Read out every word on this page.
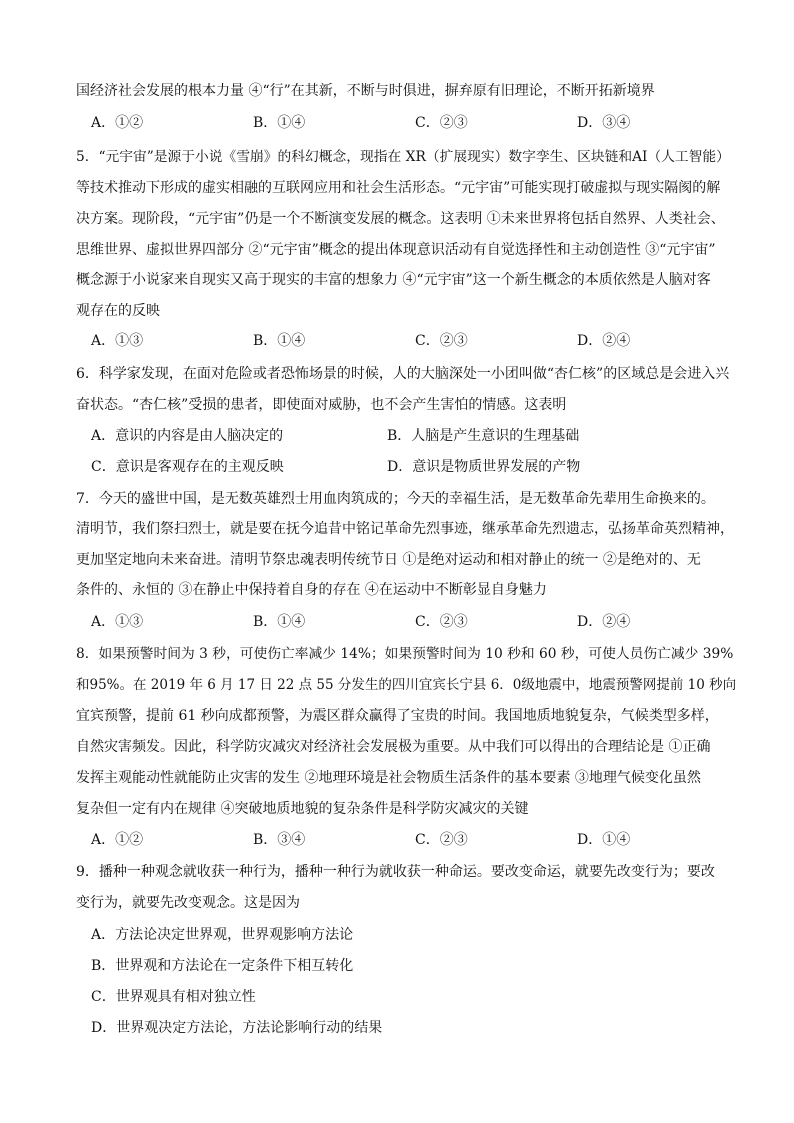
国经济社会发展的根本力量 ④“行”在其新，不断与时俱进，摒弃原有旧理论，不断开拓新境界
A．①②	B．①④	C．②③	D．③④
5．“元宇宙”是源于小说《雪崩》的科幻概念，现指在 XR（扩展现实）数字孪生、区块链和AI（人工智能）
等技术推动下形成的虚实相融的互联网应用和社会生活形态。“元宇宙”可能实现打破虚拟与现实隔阂的解
决方案。现阶段，“元宇宙”仍是一个不断演变发展的概念。这表明 ①未来世界将包括自然界、人类社会、
思维世界、虚拟世界四部分 ②“元宇宙”概念的提出体现意识活动有自觉选择性和主动创造性 ③“元宇宙”
概念源于小说家来自现实又高于现实的丰富的想象力 ④“元宇宙”这一个新生概念的本质依然是人脑对客
观存在的反映
A．①③	B．①④	C．②③	D．②④
6．科学家发现，在面对危险或者恐怖场景的时候，人的大脑深处一小团叫做“杏仁核”的区域总是会进入兴
奋状态。“杏仁核”受损的患者，即使面对威胁，也不会产生害怕的情感。这表明
A．意识的内容是由人脑决定的	B．人脑是产生意识的生理基础
C．意识是客观存在的主观反映	D．意识是物质世界发展的产物
7．今天的盛世中国，是无数英雄烈士用血肉筑成的；今天的幸福生活，是无数革命先辈用生命换来的。
清明节，我们祭扫烈士，就是要在抚今追昔中铭记革命先烈事迹，继承革命先烈遗志，弘扬革命英烈精神，
更加坚定地向未来奋进。清明节祭忠魂表明传统节日 ①是绝对运动和相对静止的统一 ②是绝对的、无
条件的、永恒的 ③在静止中保持着自身的存在 ④在运动中不断彰显自身魅力
A．①③	B．①④	C．②③	D．②④
8．如果预警时间为 3 秒，可使伤亡率减少 14%；如果预警时间为 10 秒和 60 秒，可使人员伤亡减少 39%
和95%。在 2019 年 6 月 17 日 22 点 55 分发生的四川宜宾长宁县 6．0级地震中，地震预警网提前 10 秒向
宜宾预警，提前 61 秒向成都预警，为震区群众赢得了宝贵的时间。我国地质地貌复杂，气候类型多样，
自然灾害频发。因此，科学防灾减灾对经济社会发展极为重要。从中我们可以得出的合理结论是 ①正确
发挥主观能动性就能防止灾害的发生 ②地理环境是社会物质生活条件的基本要素 ③地理气候变化虽然
复杂但一定有内在规律 ④突破地质地貌的复杂条件是科学防灾减灾的关键
A．①②	B．③④	C．②③	D．①④
9．播种一种观念就收获一种行为，播种一种行为就收获一种命运。要改变命运，就要先改变行为；要改
变行为，就要先改变观念。这是因为
A．方法论决定世界观，世界观影响方法论
B．世界观和方法论在一定条件下相互转化
C．世界观具有相对独立性
D．世界观决定方法论，方法论影响行动的结果
